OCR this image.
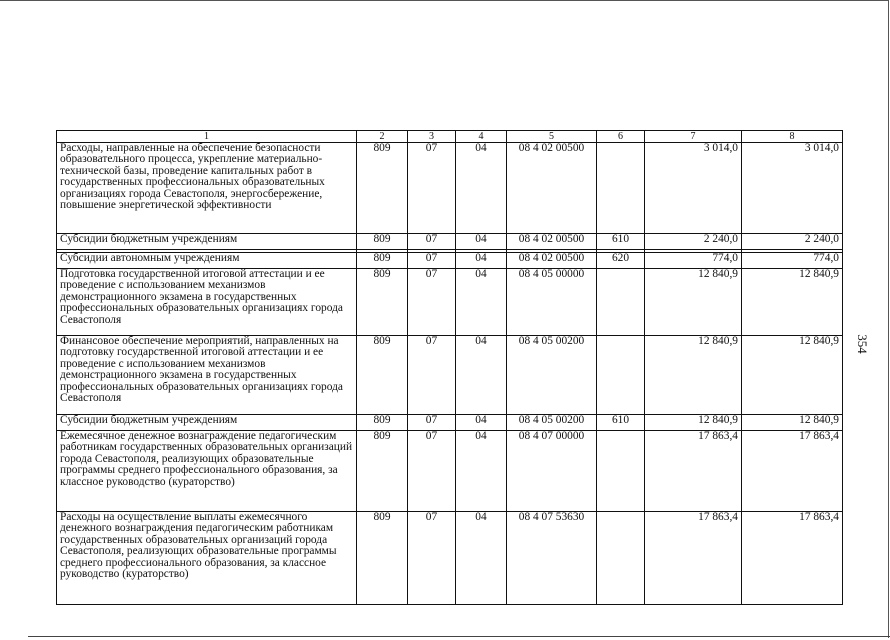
354
1	2	3	4	5	6	7	8
Расходы, направленные на обеспечение безопасности образовательного процесса, укрепление материально-технической базы, проведение капитальных работ в государственных профессиональных образовательных организациях города Севастополя, энергосбережение, повышение энергетической эффективности	809	07	04	08 4 02 00500		3 014,0	3 014,0
Субсидии бюджетным учреждениям	809	07	04	08 4 02 00500	610	2 240,0	2 240,0

Субсидии автономным учреждениям	809	07	04	08 4 02 00500	620	774,0	774,0
Подготовка государственной итоговой аттестации и ее проведение с использованием механизмов демонстрационного экзамена в государственных профессиональных образовательных организациях города Севастополя	809	07	04	08 4 05 00000		12 840,9	12 840,9
Финансовое обеспечение мероприятий, направленных на подготовку государственной итоговой аттестации и ее проведение с использованием механизмов демонстрационного экзамена в государственных профессиональных образовательных организациях города Севастополя	809	07	04	08 4 05 00200		12 840,9	12 840,9
Субсидии бюджетным учреждениям	809	07	04	08 4 05 00200	610	12 840,9	12 840,9
Ежемесячное денежное вознаграждение педагогическим работникам государственных образовательных организаций города Севастополя, реализующих образовательные программы среднего профессионального образования, за классное руководство (кураторство)	809	07	04	08 4 07 00000		17 863,4	17 863,4
Расходы на осуществление выплаты ежемесячного денежного вознаграждения педагогическим работникам государственных образовательных организаций города Севастополя, реализующих образовательные программы среднего профессионального образования, за классное руководство (кураторство)	809	07	04	08 4 07 53630		17 863,4	17 863,4
